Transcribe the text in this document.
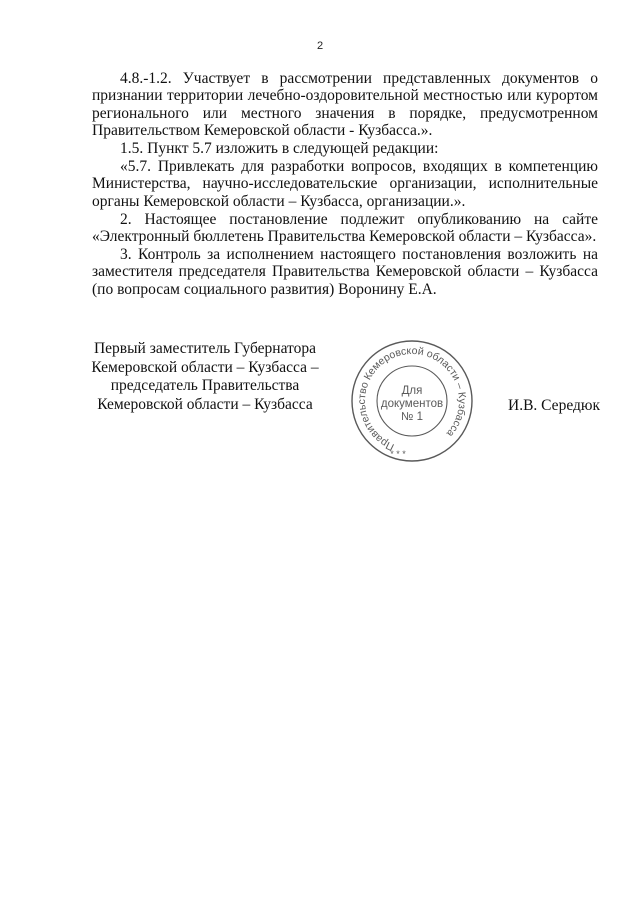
2

4.8.-1.2. Участвует в рассмотрении представленных документов о признании территории лечебно-оздоровительной местностью или курортом регионального или местного значения в порядке, предусмотренном Правительством Кемеровской области - Кузбасса.».

1.5. Пункт 5.7 изложить в следующей редакции:

«5.7. Привлекать для разработки вопросов, входящих в компетенцию Министерства, научно-исследовательские организации, исполнительные органы Кемеровской области – Кузбасса, организации.».

2. Настоящее постановление подлежит опубликованию на сайте «Электронный бюллетень Правительства Кемеровской области – Кузбасса».

3. Контроль за исполнением настоящего постановления возложить на заместителя председателя Правительства Кемеровской области – Кузбасса (по вопросам социального развития) Воронину Е.А.

Первый заместитель Губернатора
Кемеровской области – Кузбасса –
председатель Правительства
Кемеровской области – Кузбасса
Правительство Кемеровской области – Кузбасса
Для
документов
№ 1
* * *
И.В. Середюк
